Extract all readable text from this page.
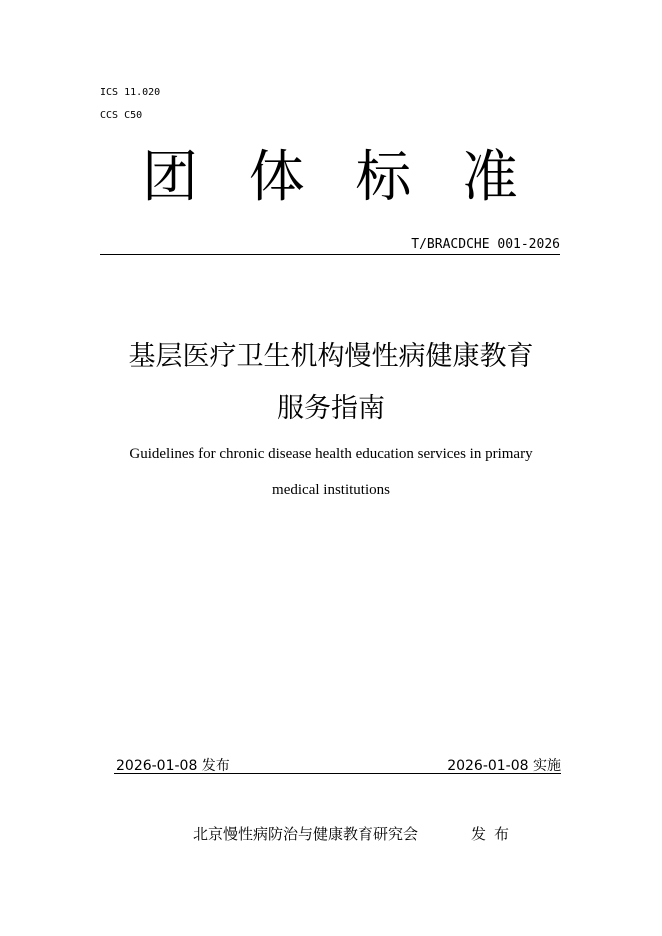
ICS 11.020
CCS C50
团 体 标 准
T/BRACDCHE 001-2026
基层医疗卫生机构慢性病健康教育
服务指南
Guidelines for chronic disease health education services in primary
medical institutions
2026-01-08 发布	2026-01-08 实施
北京慢性病防治与健康教育研究会	发布
